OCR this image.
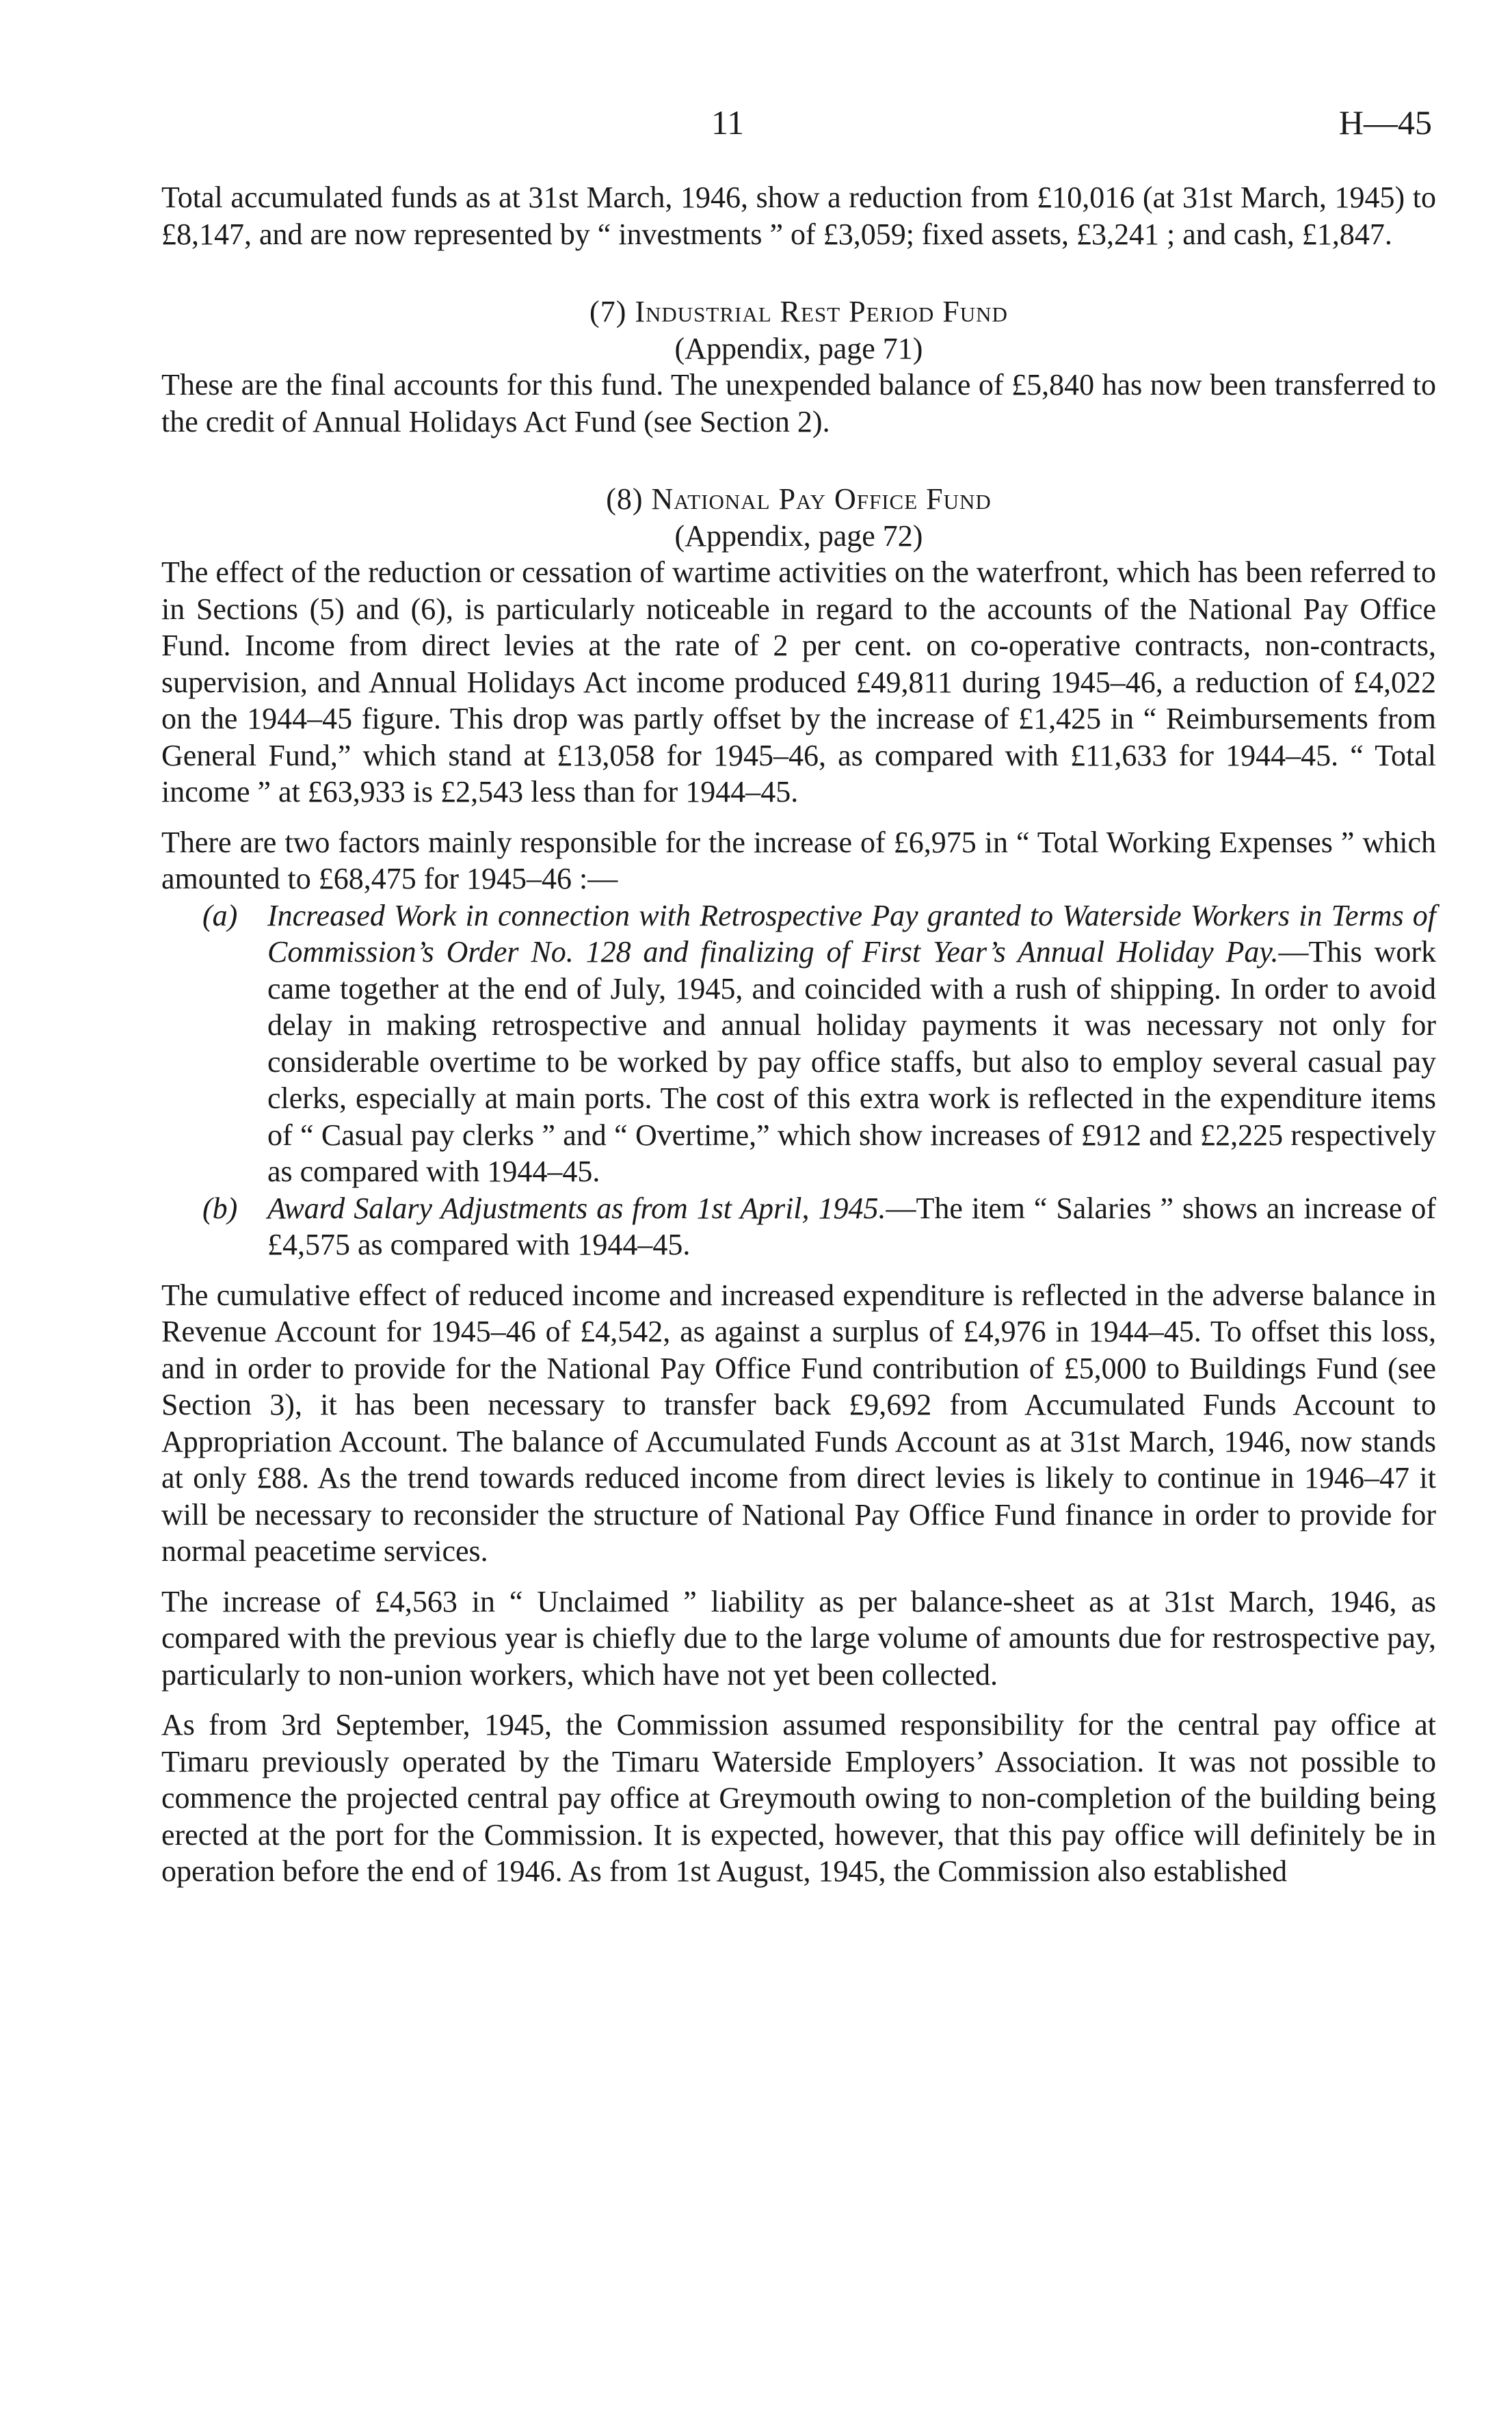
11	H—45

Total accumulated funds as at 31st March, 1946, show a reduction from £10,016 (at 31st March, 1945) to £8,147, and are now represented by “ investments ” of £3,059; fixed assets, £3,241 ; and cash, £1,847.

(7) Industrial Rest Period Fund

(Appendix, page 71)

These are the final accounts for this fund. The unexpended balance of £5,840 has now been transferred to the credit of Annual Holidays Act Fund (see Section 2).

(8) National Pay Office Fund

(Appendix, page 72)

The effect of the reduction or cessation of wartime activities on the waterfront, which has been referred to in Sections (5) and (6), is particularly noticeable in regard to the accounts of the National Pay Office Fund. Income from direct levies at the rate of 2 per cent. on co-operative contracts, non-contracts, supervision, and Annual Holidays Act income produced £49,811 during 1945–46, a reduction of £4,022 on the 1944–45 figure. This drop was partly offset by the increase of £1,425 in “ Reimbursements from General Fund,” which stand at £13,058 for 1945–46, as compared with £11,633 for 1944–45. “ Total income ” at £63,933 is £2,543 less than for 1944–45.

There are two factors mainly responsible for the increase of £6,975 in “ Total Working Expenses ” which amounted to £68,475 for 1945–46 :—

(a) Increased Work in connection with Retrospective Pay granted to Waterside Workers in Terms of Commission’s Order No. 128 and finalizing of First Year’s Annual Holiday Pay.—This work came together at the end of July, 1945, and coincided with a rush of shipping. In order to avoid delay in making retrospective and annual holiday payments it was necessary not only for considerable overtime to be worked by pay office staffs, but also to employ several casual pay clerks, especially at main ports. The cost of this extra work is reflected in the expenditure items of “ Casual pay clerks ” and “ Overtime,” which show increases of £912 and £2,225 respectively as compared with 1944–45.
(b) Award Salary Adjustments as from 1st April, 1945.—The item “ Salaries ” shows an increase of £4,575 as compared with 1944–45.

The cumulative effect of reduced income and increased expenditure is reflected in the adverse balance in Revenue Account for 1945–46 of £4,542, as against a surplus of £4,976 in 1944–45. To offset this loss, and in order to provide for the National Pay Office Fund contribution of £5,000 to Buildings Fund (see Section 3), it has been necessary to transfer back £9,692 from Accumulated Funds Account to Appropriation Account. The balance of Accumulated Funds Account as at 31st March, 1946, now stands at only £88. As the trend towards reduced income from direct levies is likely to continue in 1946–47 it will be necessary to reconsider the structure of National Pay Office Fund finance in order to provide for normal peacetime services.

The increase of £4,563 in “ Unclaimed ” liability as per balance-sheet as at 31st March, 1946, as compared with the previous year is chiefly due to the large volume of amounts due for restrospective pay, particularly to non-union workers, which have not yet been collected.

As from 3rd September, 1945, the Commission assumed responsibility for the central pay office at Timaru previously operated by the Timaru Waterside Employers’ Association. It was not possible to commence the projected central pay office at Greymouth owing to non-completion of the building being erected at the port for the Commission. It is expected, however, that this pay office will definitely be in operation before the end of 1946. As from 1st August, 1945, the Commission also established
